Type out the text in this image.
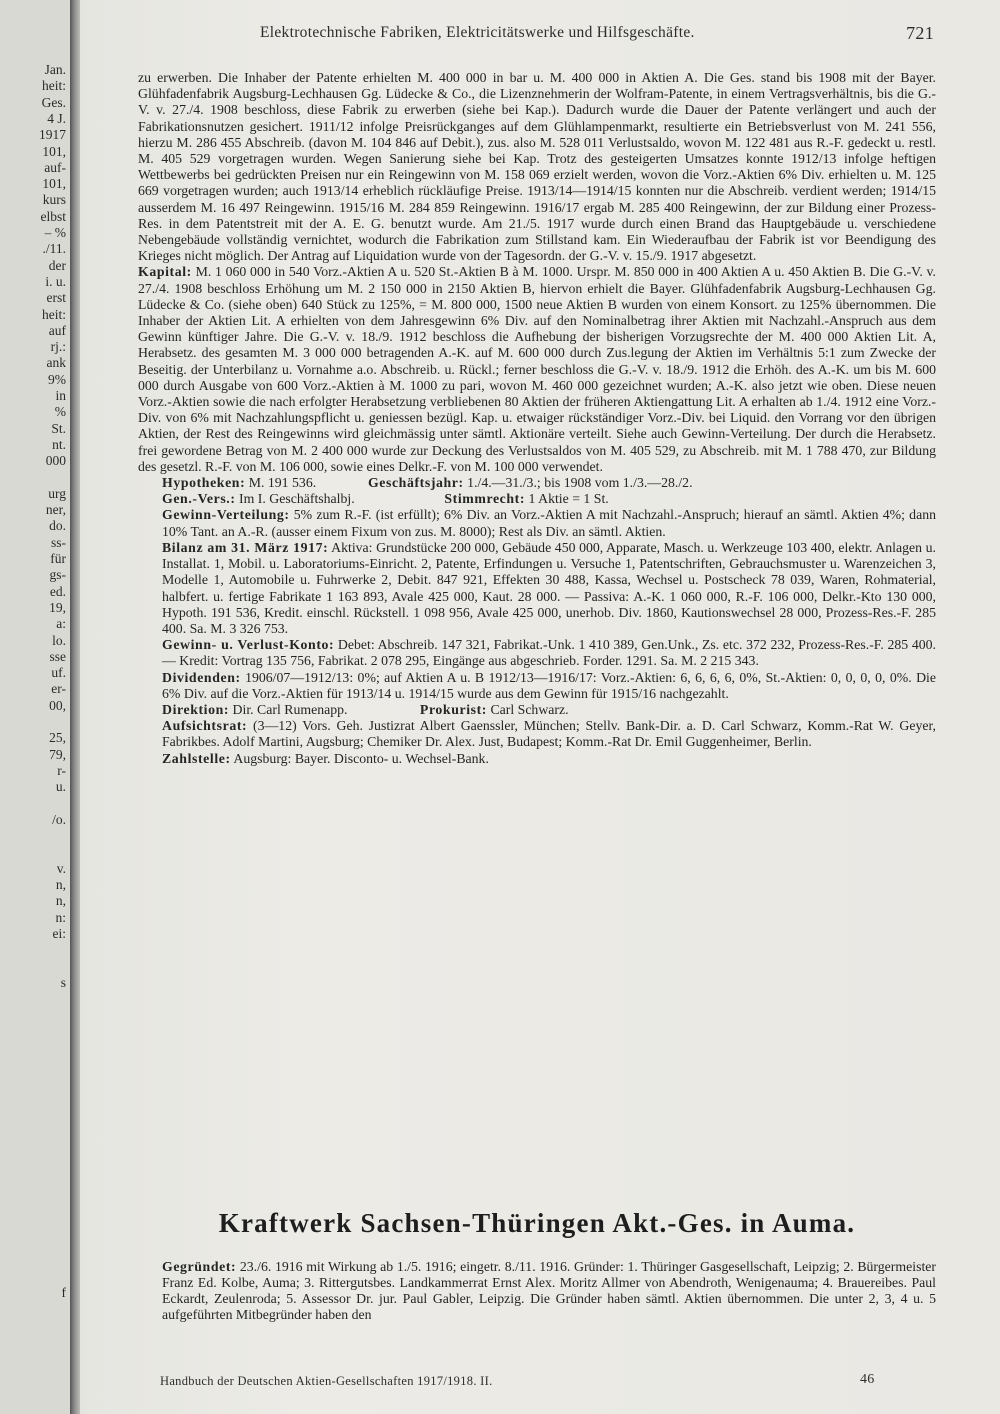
Jan.
heit:
Ges.
4 J.
1917
101,
auf-
101,
kurs
elbst
– %
./11.
der
i. u.
erst
heit:
auf
rj.:
ank
9%
in
%
St.
nt.
000
urg
ner,
do.
ss-
für
gs-
ed.
19,
a:
lo.
sse
uf.
er-
00,
25,
79,
r-
u.
/o.
v.
n,
n,
n:
ei:
s
f
Elektrotechnische Fabriken, Elektricitätswerke und Hilfsgeschäfte.	721

zu erwerben. Die Inhaber der Patente erhielten M. 400 000 in bar u. M. 400 000 in Aktien A. Die Ges. stand bis 1908 mit der Bayer. Glühfadenfabrik Augsburg-Lechhausen Gg. Lüdecke & Co., die Lizenznehmerin der Wolfram-Patente, in einem Vertragsverhältnis, bis die G.-V. v. 27./4. 1908 beschloss, diese Fabrik zu erwerben (siehe bei Kap.). Dadurch wurde die Dauer der Patente verlängert und auch der Fabrikationsnutzen gesichert. 1911/12 infolge Preisrückganges auf dem Glühlampenmarkt, resultierte ein Betriebsverlust von M. 241 556, hierzu M. 286 455 Abschreib. (davon M. 104 846 auf Debit.), zus. also M. 528 011 Verlustsaldo, wovon M. 122 481 aus R.-F. gedeckt u. restl. M. 405 529 vorgetragen wurden. Wegen Sanierung siehe bei Kap. Trotz des gesteigerten Umsatzes konnte 1912/13 infolge heftigen Wettbewerbs bei gedrückten Preisen nur ein Reingewinn von M. 158 069 erzielt werden, wovon die Vorz.-Aktien 6% Div. erhielten u. M. 125 669 vorgetragen wurden; auch 1913/14 erheblich rückläufige Preise. 1913/14—1914/15 konnten nur die Abschreib. verdient werden; 1914/15 ausserdem M. 16 497 Reingewinn. 1915/16 M. 284 859 Reingewinn. 1916/17 ergab M. 285 400 Reingewinn, der zur Bildung einer Prozess-Res. in dem Patentstreit mit der A. E. G. benutzt wurde. Am 21./5. 1917 wurde durch einen Brand das Hauptgebäude u. verschiedene Nebengebäude vollständig vernichtet, wodurch die Fabrikation zum Stillstand kam. Ein Wiederaufbau der Fabrik ist vor Beendigung des Krieges nicht möglich. Der Antrag auf Liquidation wurde von der Tagesordn. der G.-V. v. 15./9. 1917 abgesetzt.

Kapital: M. 1 060 000 in 540 Vorz.-Aktien A u. 520 St.-Aktien B à M. 1000. Urspr. M. 850 000 in 400 Aktien A u. 450 Aktien B. Die G.-V. v. 27./4. 1908 beschloss Erhöhung um M. 2 150 000 in 2150 Aktien B, hiervon erhielt die Bayer. Glühfadenfabrik Augsburg-Lechhausen Gg. Lüdecke & Co. (siehe oben) 640 Stück zu 125%, = M. 800 000, 1500 neue Aktien B wurden von einem Konsort. zu 125% übernommen. Die Inhaber der Aktien Lit. A erhielten von dem Jahresgewinn 6% Div. auf den Nominalbetrag ihrer Aktien mit Nachzahl.-Anspruch aus dem Gewinn künftiger Jahre. Die G.-V. v. 18./9. 1912 beschloss die Aufhebung der bisherigen Vorzugsrechte der M. 400 000 Aktien Lit. A, Herabsetz. des gesamten M. 3 000 000 betragenden A.-K. auf M. 600 000 durch Zus.legung der Aktien im Verhältnis 5:1 zum Zwecke der Beseitig. der Unterbilanz u. Vornahme a.o. Abschreib. u. Rückl.; ferner beschloss die G.-V. v. 18./9. 1912 die Erhöh. des A.-K. um bis M. 600 000 durch Ausgabe von 600 Vorz.-Aktien à M. 1000 zu pari, wovon M. 460 000 gezeichnet wurden; A.-K. also jetzt wie oben. Diese neuen Vorz.-Aktien sowie die nach erfolgter Herabsetzung verbliebenen 80 Aktien der früheren Aktiengattung Lit. A erhalten ab 1./4. 1912 eine Vorz.-Div. von 6% mit Nachzahlungspflicht u. geniessen bezügl. Kap. u. etwaiger rückständiger Vorz.-Div. bei Liquid. den Vorrang vor den übrigen Aktien, der Rest des Reingewinns wird gleichmässig unter sämtl. Aktionäre verteilt. Siehe auch Gewinn-Verteilung. Der durch die Herabsetz. frei gewordene Betrag von M. 2 400 000 wurde zur Deckung des Verlustsaldos von M. 405 529, zu Abschreib. mit M. 1 788 470, zur Bildung des gesetzl. R.-F. von M. 106 000, sowie eines Delkr.-F. von M. 100 000 verwendet.

Hypotheken: M. 191 536.	Geschäftsjahr: 1./4.—31./3.; bis 1908 vom 1./3.—28./2.

Gen.-Vers.: Im I. Geschäftshalbj.	Stimmrecht: 1 Aktie = 1 St.

Gewinn-Verteilung: 5% zum R.-F. (ist erfüllt); 6% Div. an Vorz.-Aktien A mit Nachzahl.-Anspruch; hierauf an sämtl. Aktien 4%; dann 10% Tant. an A.-R. (ausser einem Fixum von zus. M. 8000); Rest als Div. an sämtl. Aktien.

Bilanz am 31. März 1917: Aktiva: Grundstücke 200 000, Gebäude 450 000, Apparate, Masch. u. Werkzeuge 103 400, elektr. Anlagen u. Installat. 1, Mobil. u. Laboratoriums-Einricht. 2, Patente, Erfindungen u. Versuche 1, Patentschriften, Gebrauchsmuster u. Warenzeichen 3, Modelle 1, Automobile u. Fuhrwerke 2, Debit. 847 921, Effekten 30 488, Kassa, Wechsel u. Postscheck 78 039, Waren, Rohmaterial, halbfert. u. fertige Fabrikate 1 163 893, Avale 425 000, Kaut. 28 000. — Passiva: A.-K. 1 060 000, R.-F. 106 000, Delkr.-Kto 130 000, Hypoth. 191 536, Kredit. einschl. Rückstell. 1 098 956, Avale 425 000, unerhob. Div. 1860, Kautionswechsel 28 000, Prozess-Res.-F. 285 400. Sa. M. 3 326 753.

Gewinn- u. Verlust-Konto: Debet: Abschreib. 147 321, Fabrikat.-Unk. 1 410 389, Gen.Unk., Zs. etc. 372 232, Prozess-Res.-F. 285 400. — Kredit: Vortrag 135 756, Fabrikat. 2 078 295, Eingänge aus abgeschrieb. Forder. 1291. Sa. M. 2 215 343.

Dividenden: 1906/07—1912/13: 0%; auf Aktien A u. B 1912/13—1916/17: Vorz.-Aktien: 6, 6, 6, 6, 0%, St.-Aktien: 0, 0, 0, 0, 0%. Die 6% Div. auf die Vorz.-Aktien für 1913/14 u. 1914/15 wurde aus dem Gewinn für 1915/16 nachgezahlt.

Direktion: Dir. Carl Rumenapp.	Prokurist: Carl Schwarz.

Aufsichtsrat: (3—12) Vors. Geh. Justizrat Albert Gaenssler, München; Stellv. Bank-Dir. a. D. Carl Schwarz, Komm.-Rat W. Geyer, Fabrikbes. Adolf Martini, Augsburg; Chemiker Dr. Alex. Just, Budapest; Komm.-Rat Dr. Emil Guggenheimer, Berlin.

Zahlstelle: Augsburg: Bayer. Disconto- u. Wechsel-Bank.

Kraftwerk Sachsen-Thüringen Akt.-Ges. in Auma.

Gegründet: 23./6. 1916 mit Wirkung ab 1./5. 1916; eingetr. 8./11. 1916. Gründer: 1. Thüringer Gasgesellschaft, Leipzig; 2. Bürgermeister Franz Ed. Kolbe, Auma; 3. Rittergutsbes. Landkammerrat Ernst Alex. Moritz Allmer von Abendroth, Wenigenauma; 4. Brauereibes. Paul Eckardt, Zeulenroda; 5. Assessor Dr. jur. Paul Gabler, Leipzig. Die Gründer haben sämtl. Aktien übernommen. Die unter 2, 3, 4 u. 5 aufgeführten Mitbegründer haben den

Handbuch der Deutschen Aktien-Gesellschaften 1917/1918. II.	46
